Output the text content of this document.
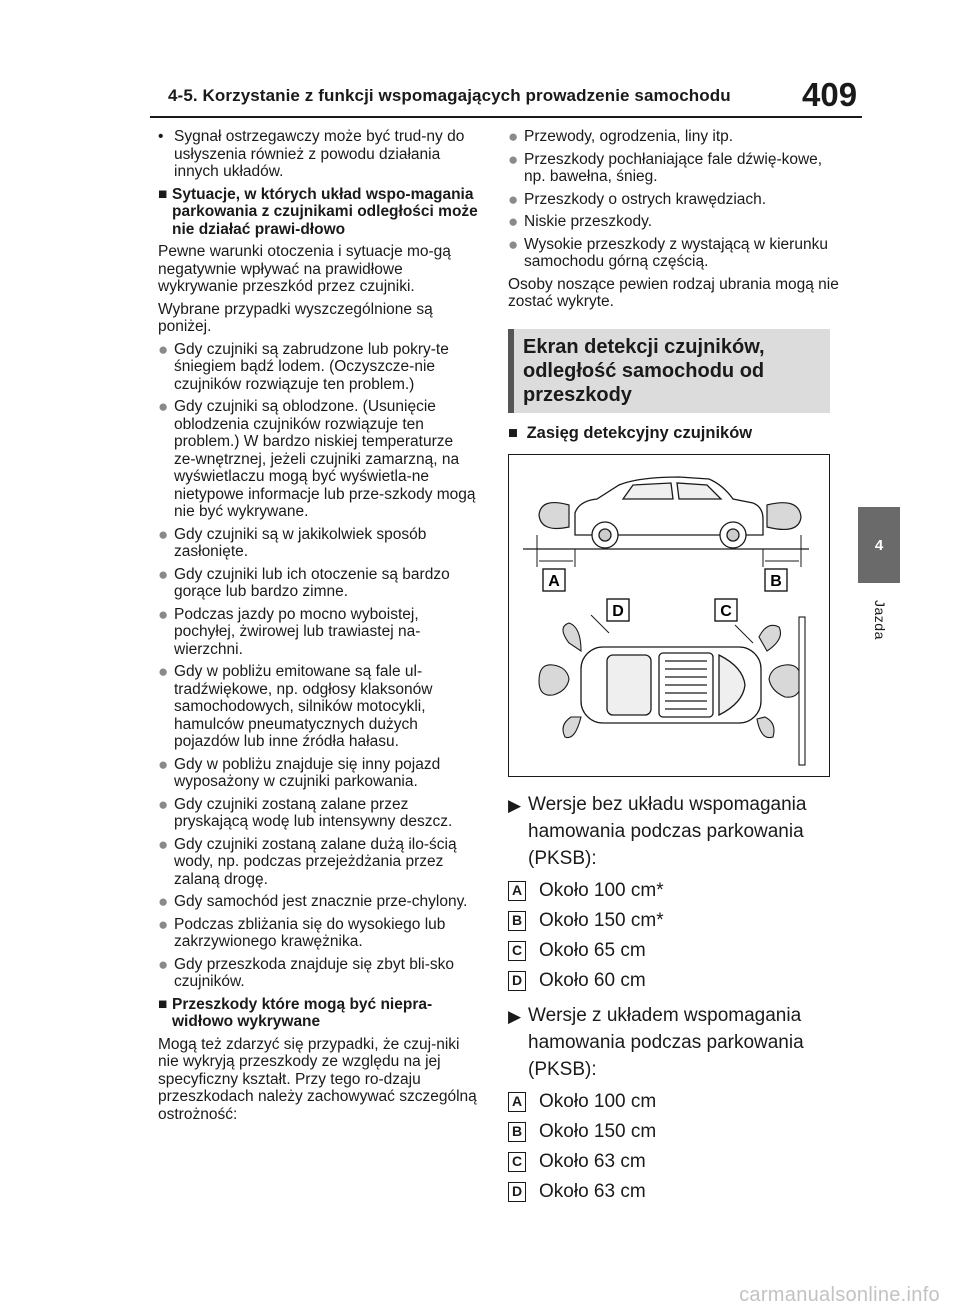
4-5. Korzystanie z funkcji wspomagających prowadzenie samochodu 409
4
Jazda
• Sygnał ostrzegawczy może być trud-ny do usłyszenia również z powodu działania innych układów.
■ Sytuacje, w których układ wspo-magania parkowania z czujnikami odległości może nie działać prawi-dłowo
Pewne warunki otoczenia i sytuacje mo-gą negatywnie wpływać na prawidłowe wykrywanie przeszkód przez czujniki.
Wybrane przypadki wyszczególnione są poniżej.
● Gdy czujniki są zabrudzone lub pokry-te śniegiem bądź lodem. (Oczyszcze-nie czujników rozwiązuje ten problem.)
● Gdy czujniki są oblodzone. (Usunięcie oblodzenia czujników rozwiązuje ten problem.) W bardzo niskiej temperaturze ze-wnętrznej, jeżeli czujniki zamarzną, na wyświetlaczu mogą być wyświetla-ne nietypowe informacje lub prze-szkody mogą nie być wykrywane.
● Gdy czujniki są w jakikolwiek sposób zasłonięte.
● Gdy czujniki lub ich otoczenie są bardzo gorące lub bardzo zimne.
● Podczas jazdy po mocno wyboistej, pochyłej, żwirowej lub trawiastej na-wierzchni.
● Gdy w pobliżu emitowane są fale ul-tradźwiękowe, np. odgłosy klaksonów samochodowych, silników motocykli, hamulców pneumatycznych dużych pojazdów lub inne źródła hałasu.
● Gdy w pobliżu znajduje się inny pojazd wyposażony w czujniki parkowania.
● Gdy czujniki zostaną zalane przez pryskającą wodę lub intensywny deszcz.
● Gdy czujniki zostaną zalane dużą ilo-ścią wody, np. podczas przejeżdżania przez zalaną drogę.
● Gdy samochód jest znacznie prze-chylony.
● Podczas zbliżania się do wysokiego lub zakrzywionego krawężnika.
● Gdy przeszkoda znajduje się zbyt bli-sko czujników.
■ Przeszkody które mogą być niepra-widłowo wykrywane
Mogą też zdarzyć się przypadki, że czuj-niki nie wykryją przeszkody ze względu na jej specyficzny kształt. Przy tego ro-dzaju przeszkodach należy zachowywać szczególną ostrożność:
● Przewody, ogrodzenia, liny itp.
● Przeszkody pochłaniające fale dźwię-kowe, np. bawełna, śnieg.
● Przeszkody o ostrych krawędziach.
● Niskie przeszkody.
● Wysokie przeszkody z wystającą w kierunku samochodu górną częścią.
Osoby noszące pewien rodzaj ubrania mogą nie zostać wykryte.
Ekran detekcji czujników, odległość samochodu od przeszkody
■ Zasięg detekcyjny czujników
A	B
D	C
▶ Wersje bez układu wspomagania hamowania podczas parkowania (PKSB):
A Około 100 cm*
B Około 150 cm*
C Około 65 cm
D Około 60 cm
▶ Wersje z układem wspomagania hamowania podczas parkowania (PKSB):
A Około 100 cm
B Około 150 cm
C Około 63 cm
D Około 63 cm
carmanualsonline.info
